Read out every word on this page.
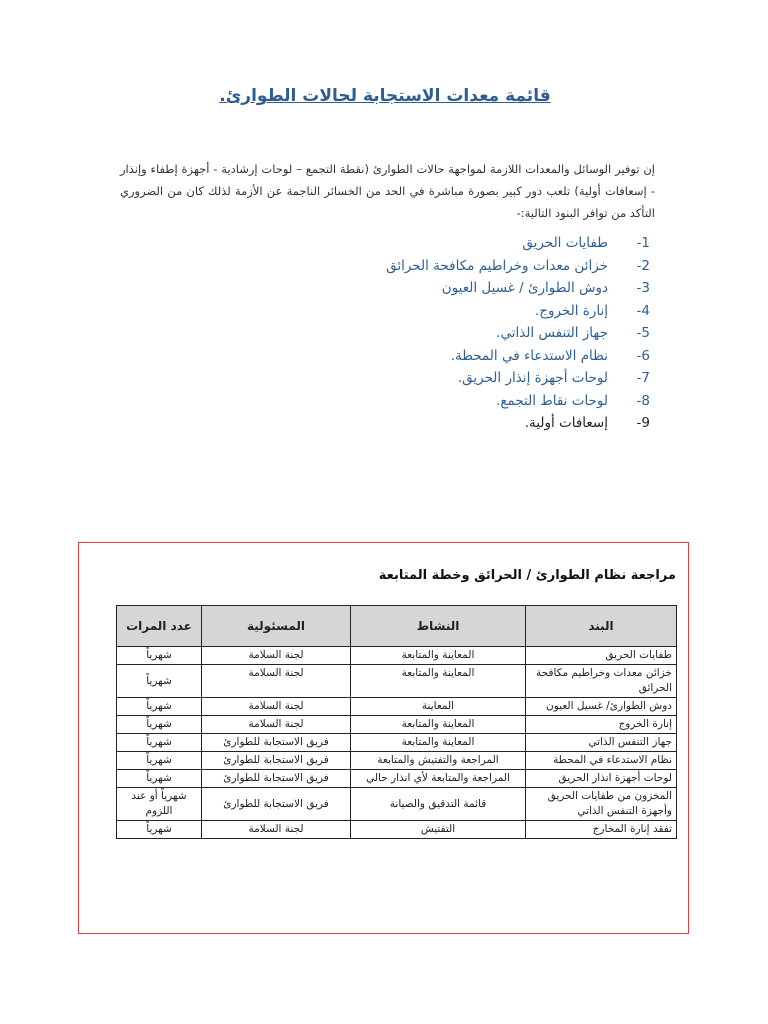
قائمة معدات الاستجابة لحالات الطوارئ.
إن توفير الوسائل والمعدات اللازمة لمواجهة حالات الطوارئ (نقطة التجمع – لوحات إرشادية - أجهزة إطفاء وإنذار - إسعافات أولية) تلعب دور كبير بصورة مباشرة في الحد من الخسائر الناجمة عن الأزمة لذلك كان من الضروري التأكد من توافر البنود التالية:-
1-
طفايات الحريق
2-
خزائن معدات وخراطيم مكافحة الحرائق
3-
دوش الطوارئ / غسيل العيون
4-
إنارة الخروج.
5-
جهاز التنفس الذاتي.
6-
نظام الاستدعاء في المحطة.
7-
لوحات أجهزة إنذار الحريق.
8-
لوحات نقاط التجمع.
9-
إسعافات أولية.
مراجعة نظام الطوارئ / الحرائق وخطة المتابعة
البند	النشاط	المسئولية	عدد المرات
طفايات الحريق	المعاينة والمتابعة	لجنة السلامة	شهرياً
خزائن معدات وخراطيم مكافحة الحرائق	المعاينة والمتابعة	لجنة السلامة	شهرياً
دوش الطوارئ/ غسيل العيون	المعاينة	لجنة السلامة	شهرياً
إنارة الخروج	المعاينة والمتابعة	لجنة السلامة	شهرياً
جهاز التنفس الذاتي	المعاينة والمتابعة	فريق الاستجابة للطوارئ	شهرياً
نظام الاستدعاء في المحطة	المراجعة والتفتيش والمتابعة	فريق الاستجابة للطوارئ	شهرياً
لوحات أجهزة انذار الحريق	المراجعة والمتابعة لأي انذار حالي	فريق الاستجابة للطوارئ	شهرياً
المخزون من طفايات الحريق وأجهزة التنفس الذاتي	قائمة التدقيق والصيانة	فريق الاستجابة للطوارئ	شهرياً أو عند اللزوم
تفقد إنارة المخارج	التفتيش	لجنة السلامة	شهرياً
